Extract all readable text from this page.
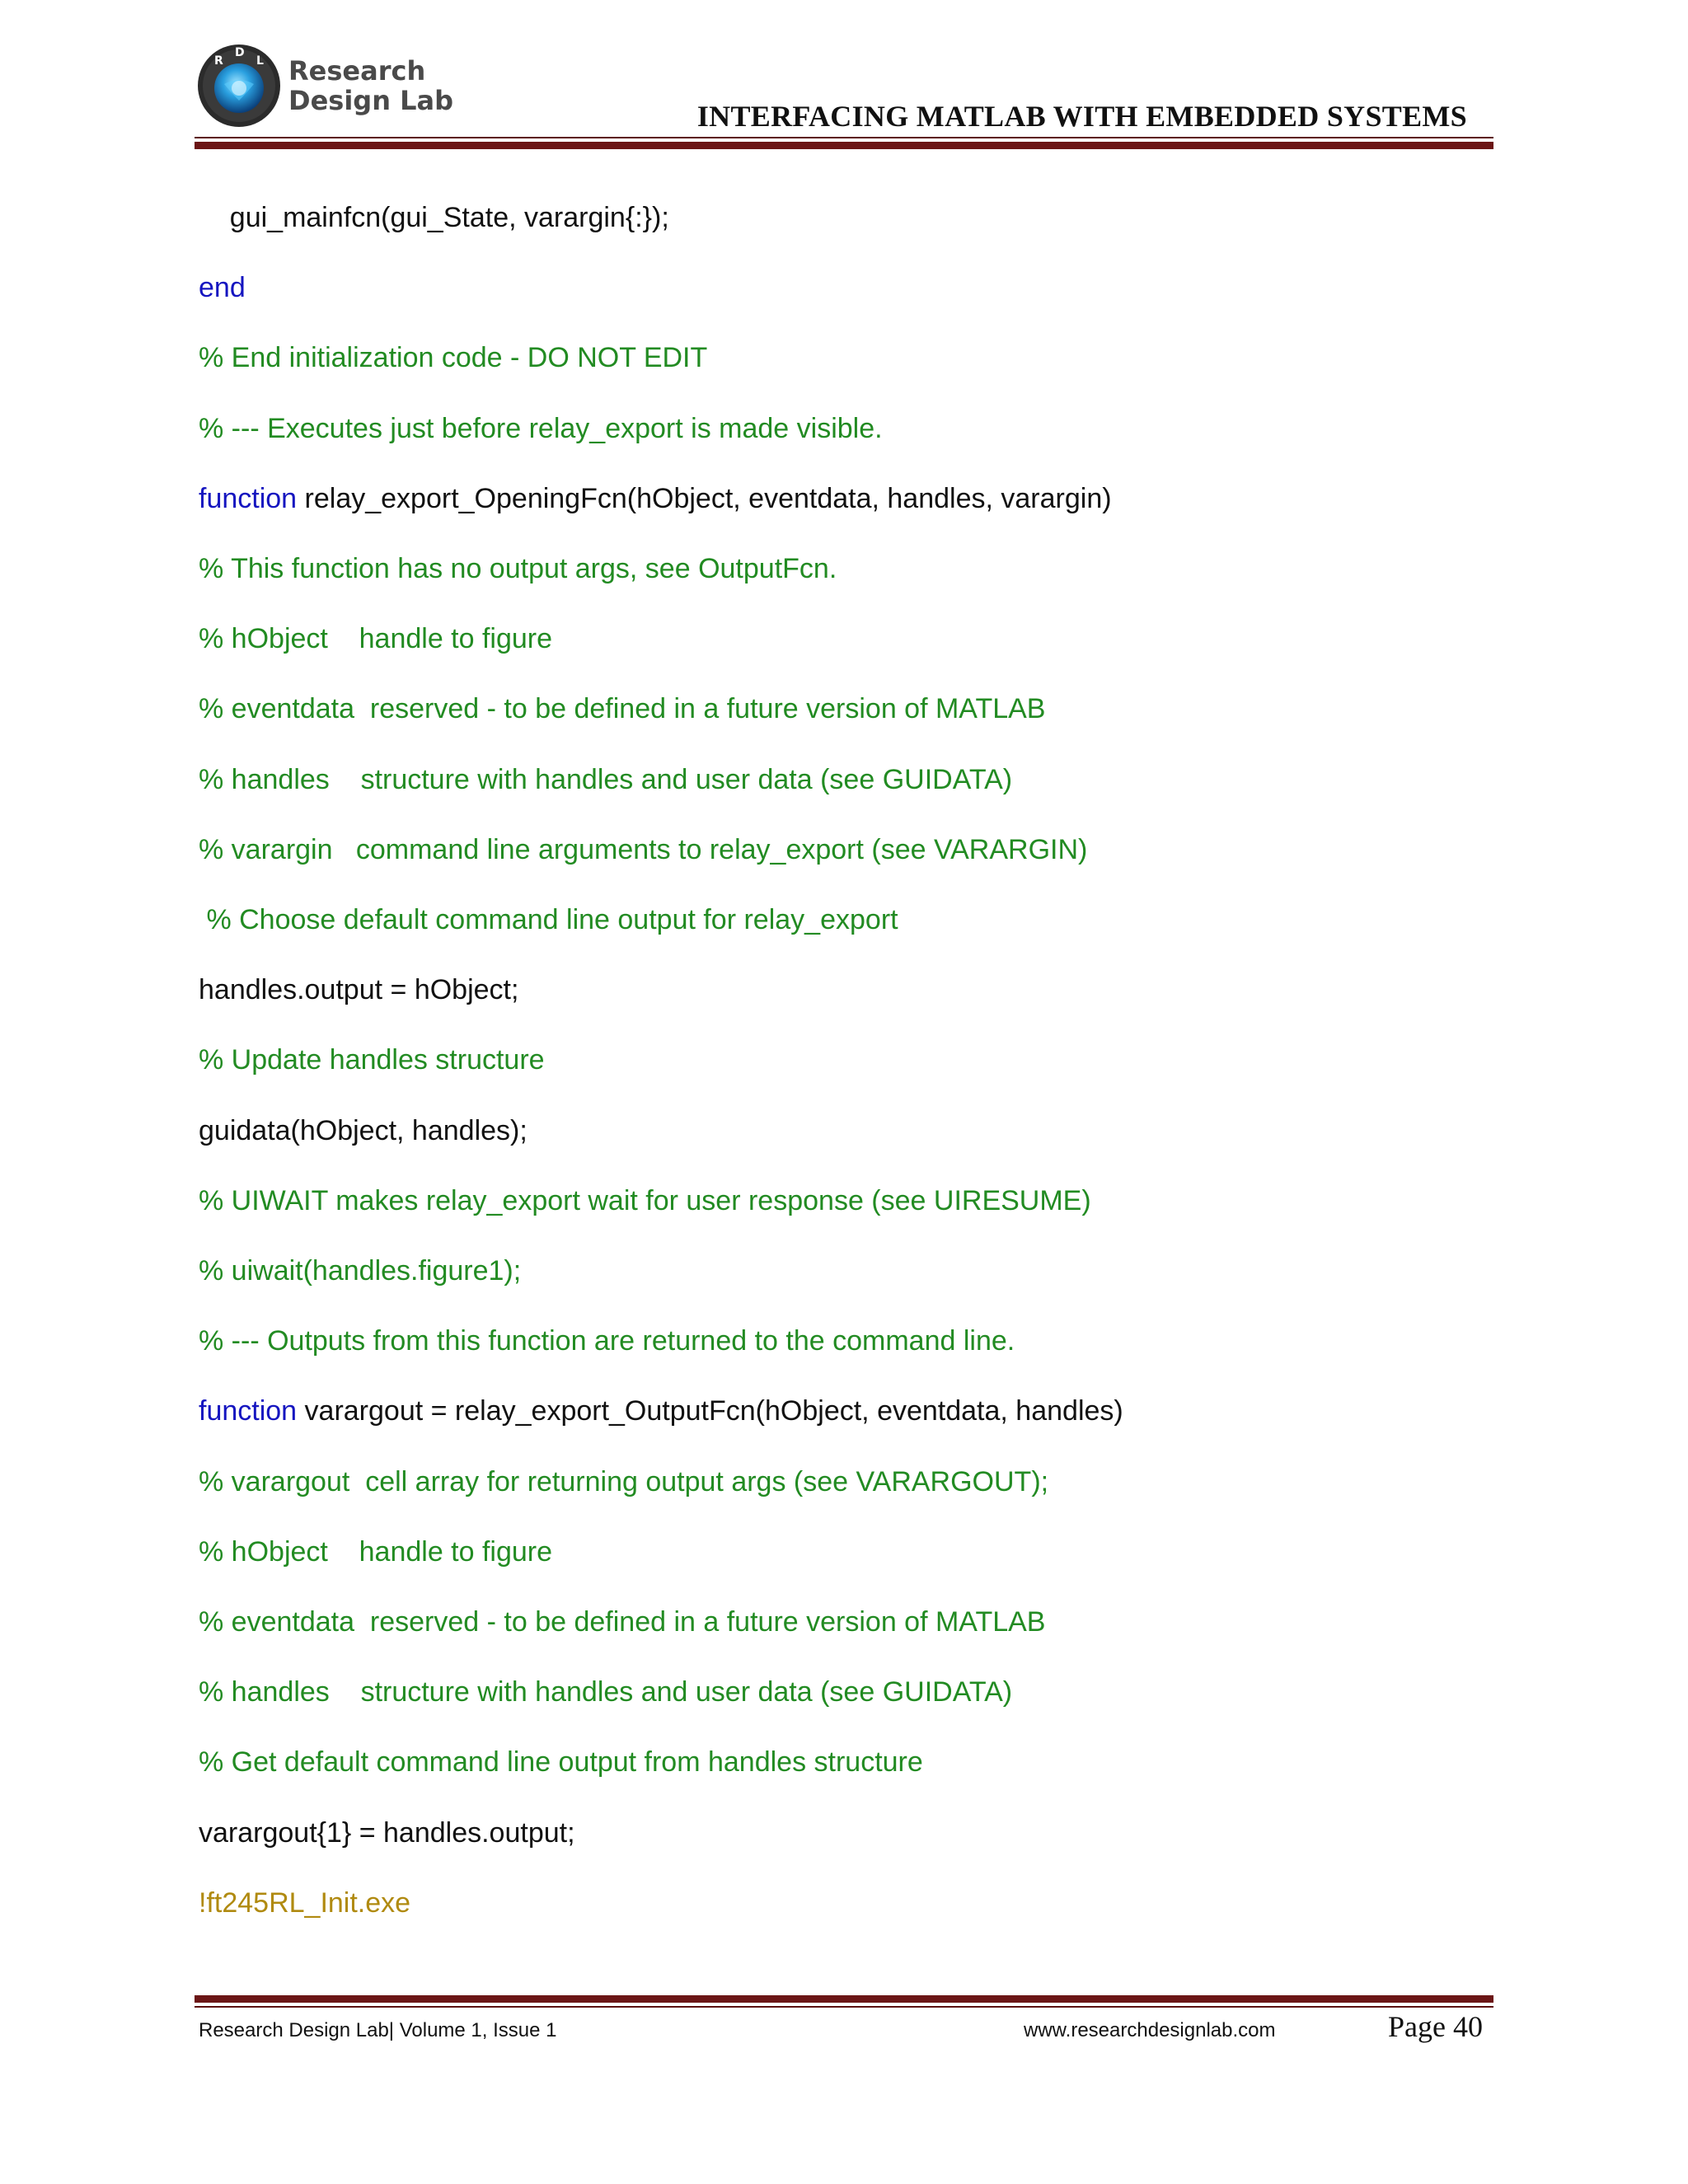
R
D
L Research
Design Lab	INTERFACING MATLAB WITH EMBEDDED SYSTEMS
gui_mainfcn(gui_State, varargin{:});
end
% End initialization code - DO NOT EDIT
% --- Executes just before relay_export is made visible.
function relay_export_OpeningFcn(hObject, eventdata, handles, varargin)
% This function has no output args, see OutputFcn.
% hObject    handle to figure
% eventdata  reserved - to be defined in a future version of MATLAB
% handles    structure with handles and user data (see GUIDATA)
% varargin   command line arguments to relay_export (see VARARGIN)
% Choose default command line output for relay_export
handles.output = hObject;
% Update handles structure
guidata(hObject, handles);
% UIWAIT makes relay_export wait for user response (see UIRESUME)
% uiwait(handles.figure1);
% --- Outputs from this function are returned to the command line.
function varargout = relay_export_OutputFcn(hObject, eventdata, handles)
% varargout  cell array for returning output args (see VARARGOUT);
% hObject    handle to figure
% eventdata  reserved - to be defined in a future version of MATLAB
% handles    structure with handles and user data (see GUIDATA)
% Get default command line output from handles structure
varargout{1} = handles.output;
!ft245RL_Init.exe
Research Design Lab| Volume 1, Issue 1	www.researchdesignlab.com	Page 40
